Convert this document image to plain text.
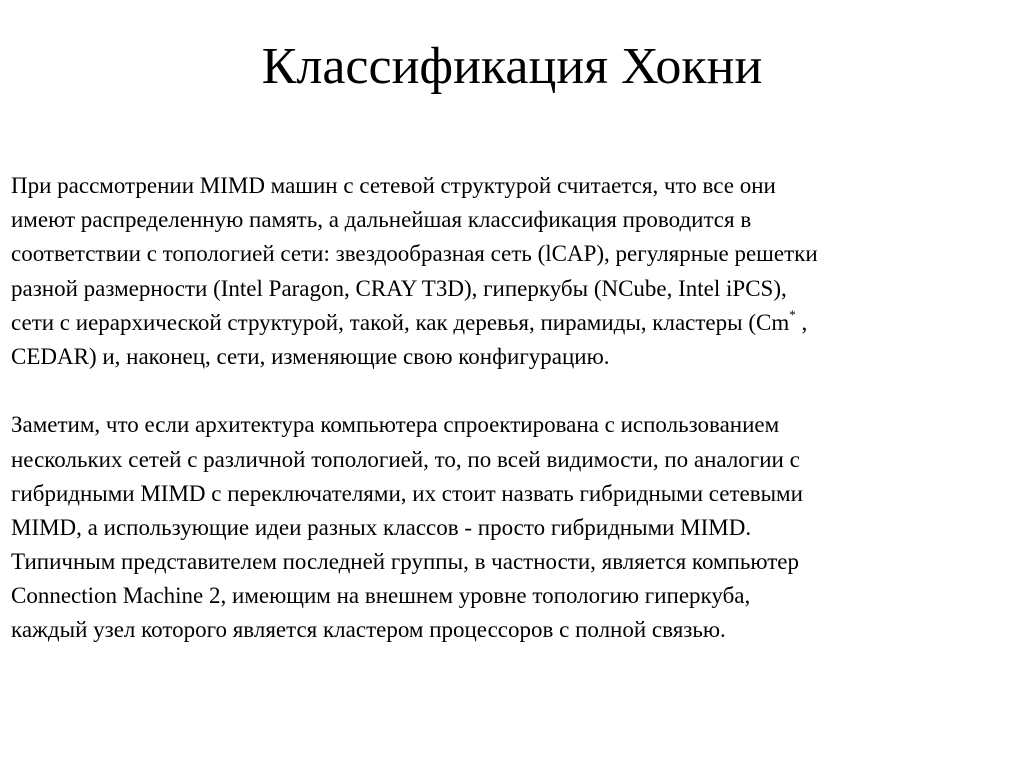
Классификация Хокни

При рассмотрении MIMD машин с сетевой структурой считается, что все они
имеют распределенную память, а дальнейшая классификация проводится в
соответствии с топологией сети: звездообразная сеть (lCAP), регулярные решетки
разной размерности (Intel Paragon, CRAY T3D), гиперкубы (NCube, Intel iPCS),
сети с иерархической структурой, такой, как деревья, пирамиды, кластеры (Cm* ,
CEDAR) и, наконец, сети, изменяющие свою конфигурацию.

Заметим, что если архитектура компьютера спроектирована с использованием
нескольких сетей с различной топологией, то, по всей видимости, по аналогии с
гибридными MIMD с переключателями, их стоит назвать гибридными сетевыми
MIMD, а использующие идеи разных классов - просто гибридными MIMD.
Типичным представителем последней группы, в частности, является компьютер
Connection Machine 2, имеющим на внешнем уровне топологию гиперкуба,
каждый узел которого является кластером процессоров с полной связью.
